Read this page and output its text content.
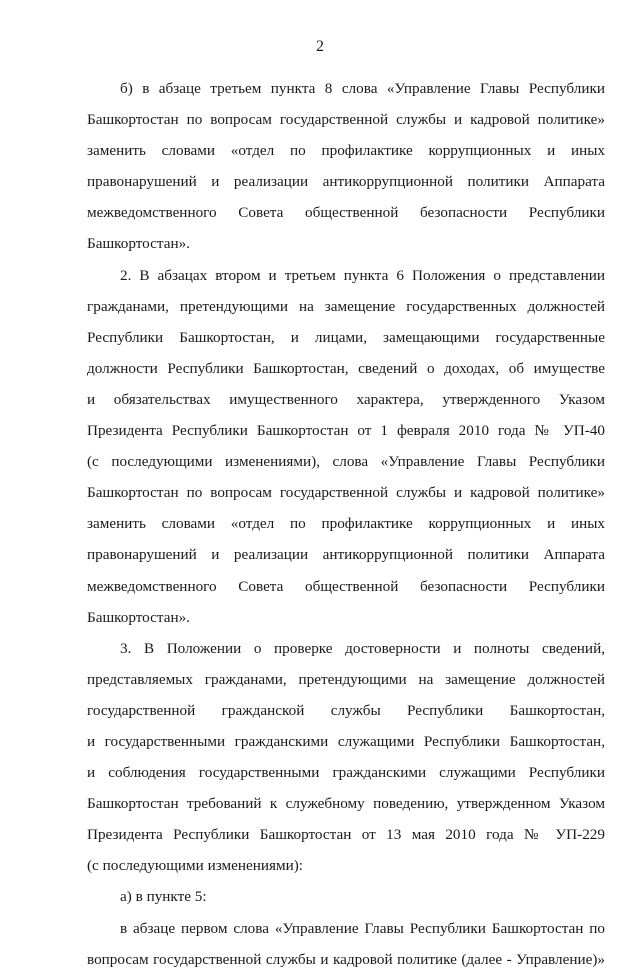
2
б) в абзаце третьем пункта 8 слова «Управление Главы Республики
Башкортостан по вопросам государственной службы и кадровой политике»
заменить словами «отдел по профилактике коррупционных и иных
правонарушений и реализации антикоррупционной политики Аппарата
межведомственного Совета общественной безопасности Республики
Башкортостан».
2. В абзацах втором и третьем пункта 6 Положения о представлении
гражданами, претендующими на замещение государственных должностей
Республики Башкортостан, и лицами, замещающими государственные
должности Республики Башкортостан, сведений о доходах, об имуществе
и обязательствах имущественного характера, утвержденного Указом
Президента Республики Башкортостан от 1 февраля 2010 года № УП-40
(с последующими изменениями), слова «Управление Главы Республики
Башкортостан по вопросам государственной службы и кадровой политике»
заменить словами «отдел по профилактике коррупционных и иных
правонарушений и реализации антикоррупционной политики Аппарата
межведомственного Совета общественной безопасности Республики
Башкортостан».
3. В Положении о проверке достоверности и полноты сведений,
представляемых гражданами, претендующими на замещение должностей
государственной гражданской службы Республики Башкортостан,
и государственными гражданскими служащими Республики Башкортостан,
и соблюдения государственными гражданскими служащими Республики
Башкортостан требований к служебному поведению, утвержденном Указом
Президента Республики Башкортостан от 13 мая 2010 года № УП-229
(с последующими изменениями):
а) в пункте 5:
в абзаце первом слова «Управление Главы Республики Башкортостан по
вопросам государственной службы и кадровой политике (далее - Управление)»
